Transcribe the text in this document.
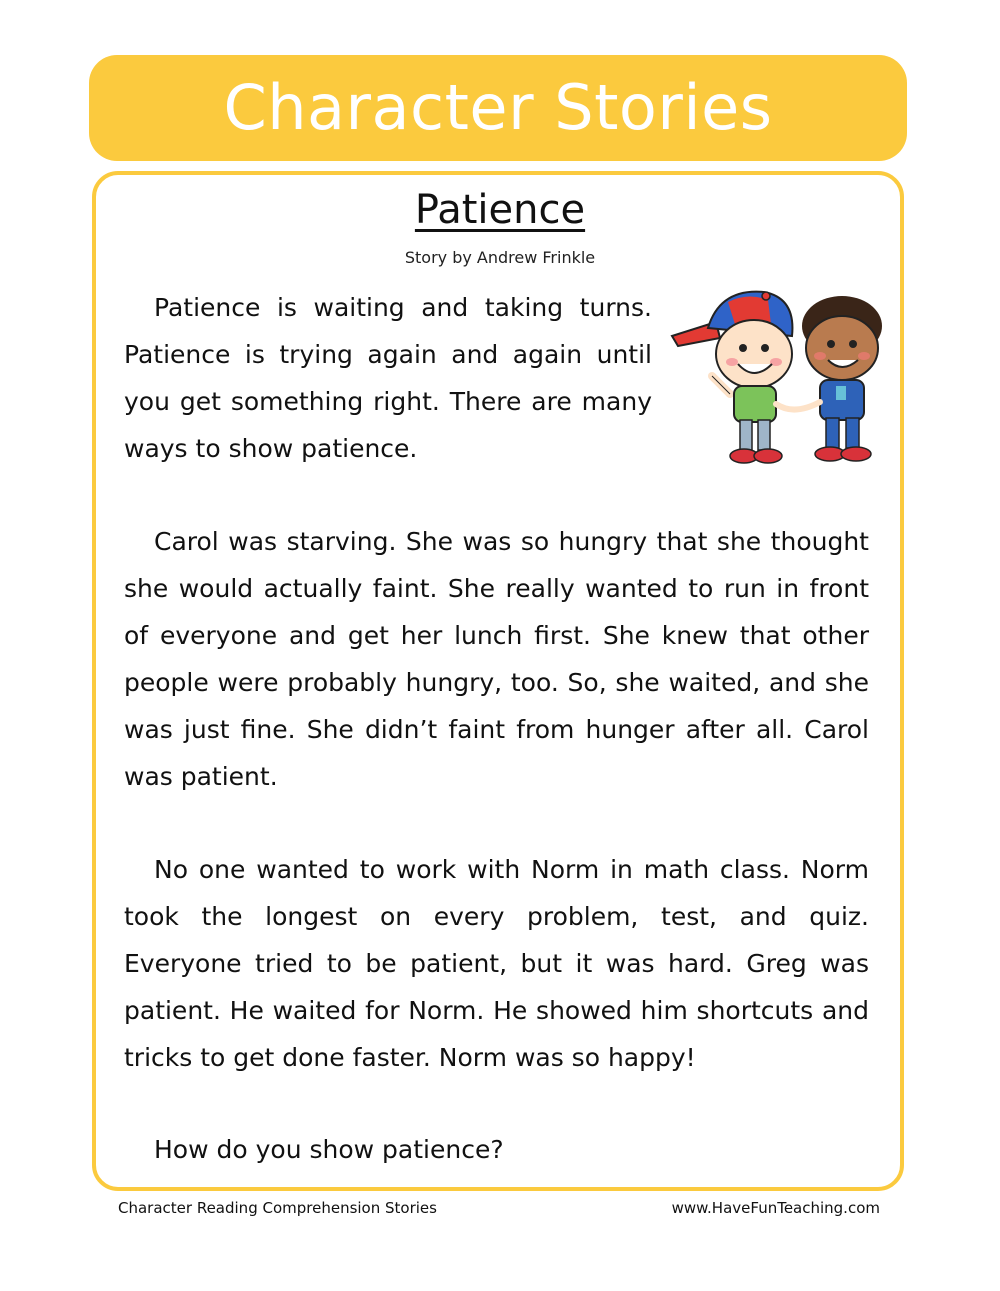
Character Stories
Patience
Story by Andrew Frinkle

Patience is waiting and taking turns. Patience is trying again and again until you get something right. There are many ways to show patience.

Carol was starving. She was so hungry that she thought she would actually faint. She really wanted to run in front of everyone and get her lunch first. She knew that other people were probably hungry, too. So, she waited, and she was just fine. She didn’t faint from hunger after all. Carol was patient.

No one wanted to work with Norm in math class. Norm took the longest on every problem, test, and quiz. Everyone tried to be patient, but it was hard. Greg was patient. He waited for Norm. He showed him shortcuts and tricks to get done faster. Norm was so happy!

How do you show patience?

Character Reading Comprehension Stories	www.HaveFunTeaching.com
